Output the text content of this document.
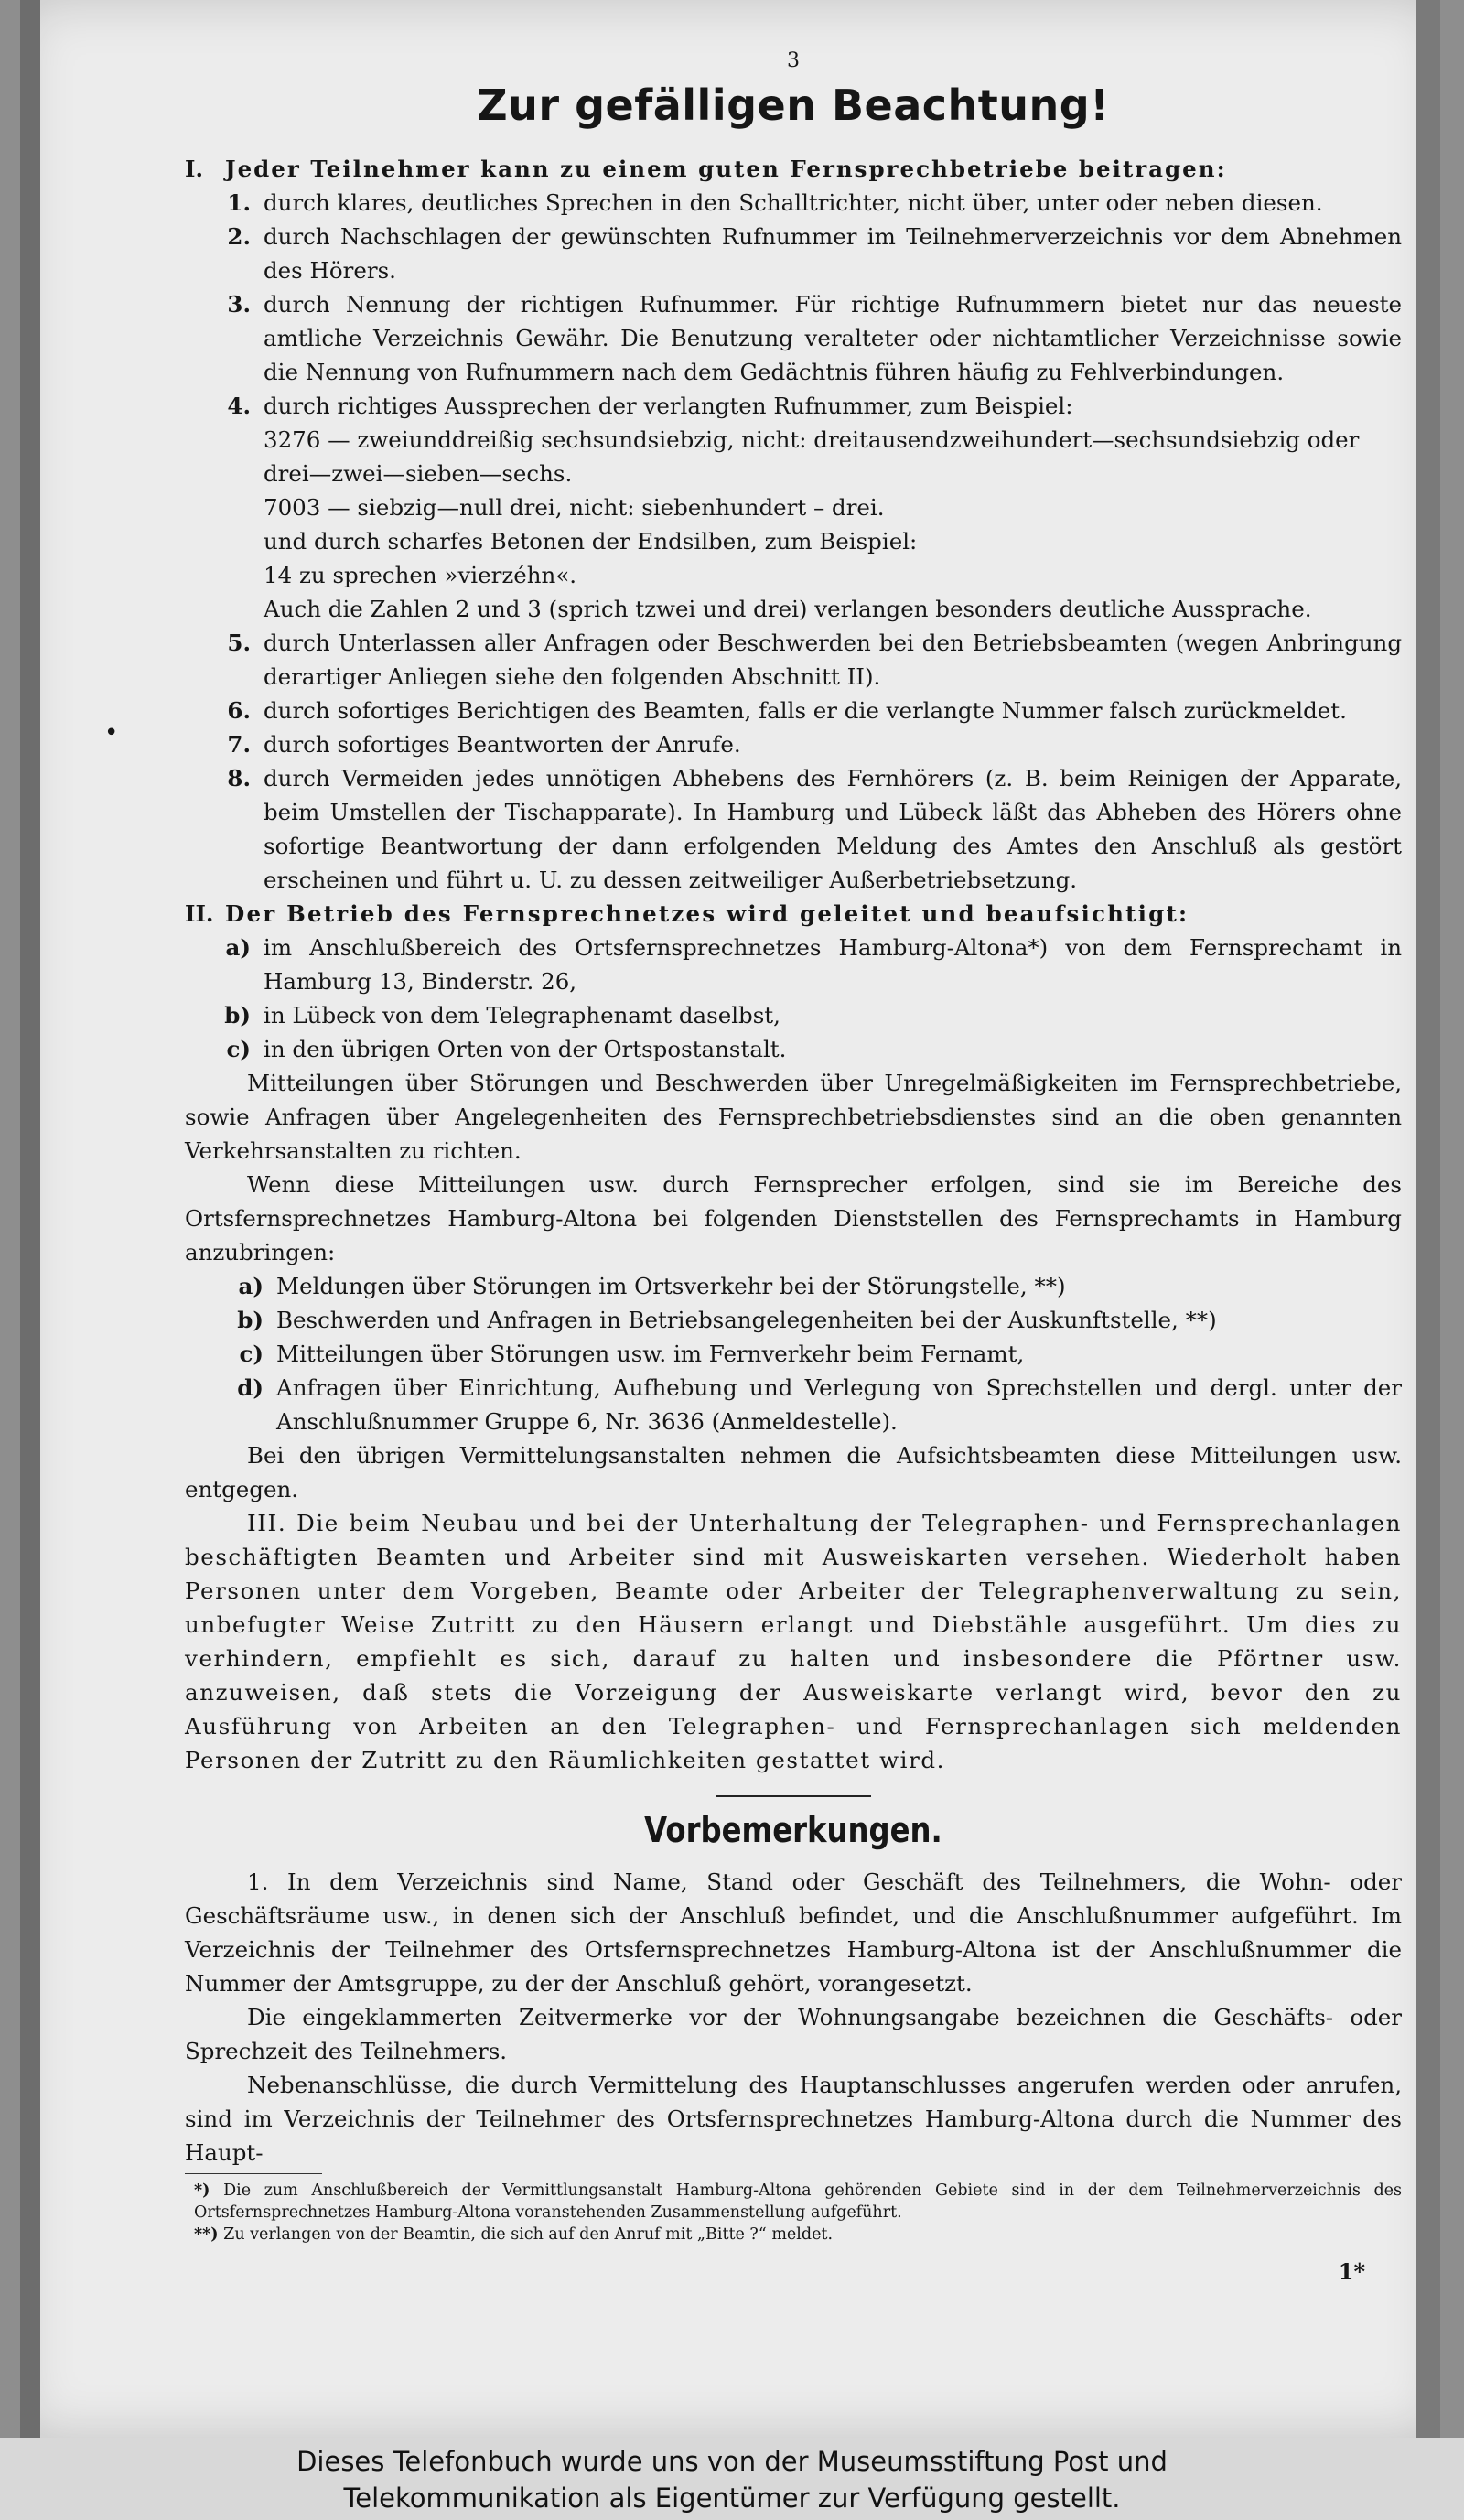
•
3
Zur gefälligen Beachtung!
I. Jeder Teilnehmer kann zu einem guten Fernsprechbetriebe beitragen:
1. durch klares, deutliches Sprechen in den Schalltrichter, nicht über, unter oder neben diesen.
2. durch Nachschlagen der gewünschten Rufnummer im Teilnehmerverzeichnis vor dem Abnehmen des Hörers.
3. durch Nennung der richtigen Rufnummer. Für richtige Rufnummern bietet nur das neueste amtliche Verzeichnis Gewähr. Die Benutzung veralteter oder nichtamtlicher Verzeichnisse sowie die Nennung von Rufnummern nach dem Gedächtnis führen häufig zu Fehlverbindungen.
4. durch richtiges Aussprechen der verlangten Rufnummer, zum Beispiel:
3276 — zweiunddreißig sechsundsiebzig, nicht: dreitausendzweihundert—sechsundsiebzig oder drei—zwei—sieben—sechs.
7003 — siebzig—null drei, nicht: siebenhundert – drei.
und durch scharfes Betonen der Endsilben, zum Beispiel:
14 zu sprechen »vierzéhn«.
Auch die Zahlen 2 und 3 (sprich tzwei und drei) verlangen besonders deutliche Aussprache.
5. durch Unterlassen aller Anfragen oder Beschwerden bei den Betriebsbeamten (wegen Anbringung derartiger Anliegen siehe den folgenden Abschnitt II).
6. durch sofortiges Berichtigen des Beamten, falls er die verlangte Nummer falsch zurückmeldet.
7. durch sofortiges Beantworten der Anrufe.
8. durch Vermeiden jedes unnötigen Abhebens des Fernhörers (z. B. beim Reinigen der Apparate, beim Umstellen der Tischapparate). In Hamburg und Lübeck läßt das Abheben des Hörers ohne sofortige Beantwortung der dann erfolgenden Meldung des Amtes den Anschluß als gestört erscheinen und führt u. U. zu dessen zeitweiliger Außerbetriebsetzung.
II. Der Betrieb des Fernsprechnetzes wird geleitet und beaufsichtigt:
a) im Anschlußbereich des Ortsfernsprechnetzes Hamburg-Altona*) von dem Fernsprechamt in Hamburg 13, Binderstr. 26,
b) in Lübeck von dem Telegraphenamt daselbst,
c) in den übrigen Orten von der Ortspostanstalt.

Mitteilungen über Störungen und Beschwerden über Unregelmäßigkeiten im Fernsprechbetriebe, sowie Anfragen über Angelegenheiten des Fernsprechbetriebsdienstes sind an die oben genannten Verkehrsanstalten zu richten.

Wenn diese Mitteilungen usw. durch Fernsprecher erfolgen, sind sie im Bereiche des Ortsfernsprechnetzes Hamburg-Altona bei folgenden Dienststellen des Fernsprechamts in Hamburg anzubringen:

a) Meldungen über Störungen im Ortsverkehr bei der Störungstelle, **)
b) Beschwerden und Anfragen in Betriebsangelegenheiten bei der Auskunftstelle, **)
c) Mitteilungen über Störungen usw. im Fernverkehr beim Fernamt,
d) Anfragen über Einrichtung, Aufhebung und Verlegung von Sprechstellen und dergl. unter der Anschlußnummer Gruppe 6, Nr. 3636 (Anmeldestelle).

Bei den übrigen Vermittelungsanstalten nehmen die Aufsichtsbeamten diese Mitteilungen usw. entgegen.

III. Die beim Neubau und bei der Unterhaltung der Telegraphen- und Fernsprechanlagen beschäftigten Beamten und Arbeiter sind mit Ausweiskarten versehen. Wiederholt haben Personen unter dem Vorgeben, Beamte oder Arbeiter der Telegraphenverwaltung zu sein, unbefugter Weise Zutritt zu den Häusern erlangt und Diebstähle ausgeführt. Um dies zu verhindern, empfiehlt es sich, darauf zu halten und insbesondere die Pförtner usw. anzuweisen, daß stets die Vorzeigung der Ausweiskarte verlangt wird, bevor den zu Ausführung von Arbeiten an den Telegraphen- und Fernsprechanlagen sich meldenden Personen der Zutritt zu den Räumlichkeiten gestattet wird.

Vorbemerkungen.

1. In dem Verzeichnis sind Name, Stand oder Geschäft des Teilnehmers, die Wohn- oder Geschäftsräume usw., in denen sich der Anschluß befindet, und die Anschlußnummer aufgeführt. Im Verzeichnis der Teilnehmer des Ortsfernsprechnetzes Hamburg-Altona ist der Anschlußnummer die Nummer der Amtsgruppe, zu der der Anschluß gehört, vorangesetzt.

Die eingeklammerten Zeitvermerke vor der Wohnungsangabe bezeichnen die Geschäfts- oder Sprechzeit des Teilnehmers.

Nebenanschlüsse, die durch Vermittelung des Hauptanschlusses angerufen werden oder anrufen, sind im Verzeichnis der Teilnehmer des Ortsfernsprechnetzes Hamburg-Altona durch die Nummer des Haupt-

*) Die zum Anschlußbereich der Vermittlungsanstalt Hamburg-Altona gehörenden Gebiete sind in der dem Teilnehmerverzeichnis des Ortsfernsprechnetzes Hamburg-Altona voranstehenden Zusammenstellung aufgeführt.
**) Zu verlangen von der Beamtin, die sich auf den Anruf mit „Bitte ?“ meldet.
1*
Dieses Telefonbuch wurde uns von der Museumsstiftung Post und
Telekommunikation als Eigentümer zur Verfügung gestellt.
